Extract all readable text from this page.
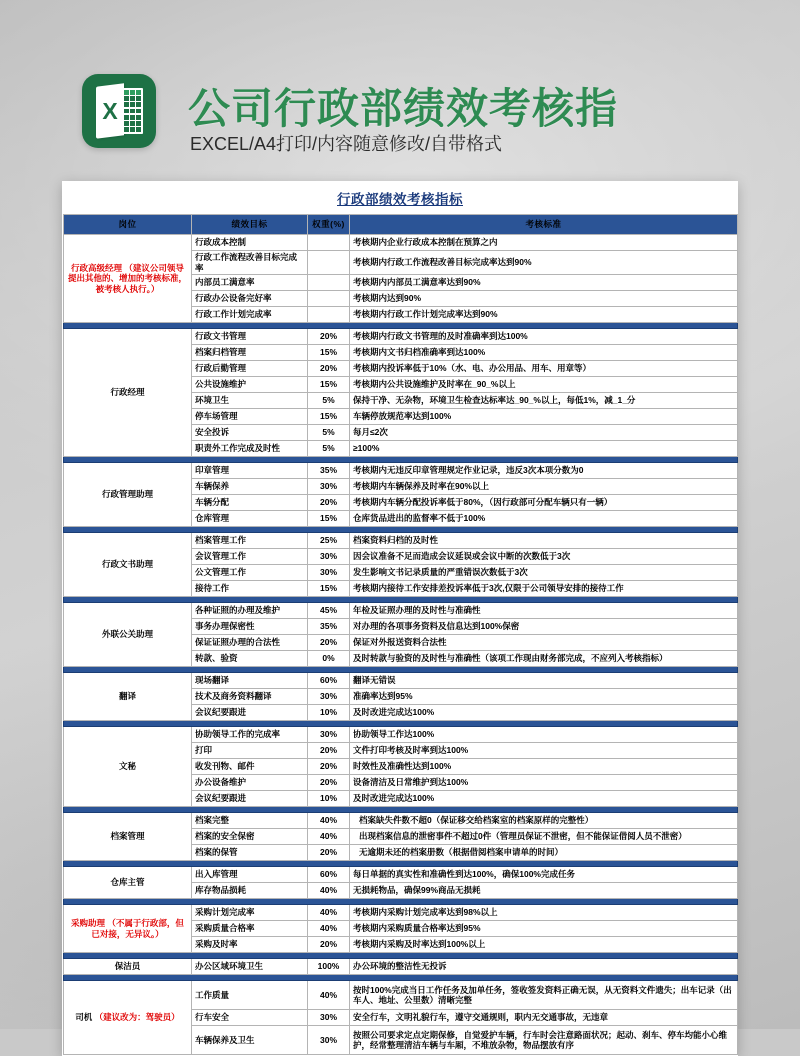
X 公司行政部绩效考核指
EXCEL/A4打印/内容随意修改/自带格式
行政部绩效考核指标
岗位	绩效目标	权重(%)	考核标准
行政高级经理 （建议公司领导提出其他的、增加的考核标准，被考核人执行。）	行政成本控制		考核期内企业行政成本控制在预算之内
	行政工作流程改善目标完成率		考核期内行政工作流程改善目标完成率达到90%
	内部员工满意率		考核期内内部员工满意率达到90%
	行政办公设备完好率		考核期内达到90%
	行政工作计划完成率		考核期内行政工作计划完成率达到90%

行政经理	行政文书管理	20%	考核期内行政文书管理的及时准确率到达100%
	档案归档管理	15%	考核期内文书归档准确率到达100%
	行政后勤管理	20%	考核期内投诉率低于10%（水、电、办公用品、用车、用章等）
	公共设施维护	15%	考核期内公共设施维护及时率在_90_%以上
	环境卫生	5%	保持干净、无杂物，环境卫生检查达标率达_90_%以上，每低1%，减_1_分
	停车场管理	15%	车辆停放规范率达到100%
	安全投诉	5%	每月≤2次
	职责外工作完成及时性	5%	≥100%

行政管理助理	印章管理	35%	考核期内无违反印章管理规定作业记录，违反3次本项分数为0
	车辆保养	30%	考核期内车辆保养及时率在90%以上
	车辆分配	20%	考核期内车辆分配投诉率低于80%，（因行政部可分配车辆只有一辆）
	仓库管理	15%	仓库货品进出的监督率不低于100%

行政文书助理	档案管理工作	25%	档案资料归档的及时性
	会议管理工作	30%	因会议准备不足而造成会议延误或会议中断的次数低于3次
	公文管理工作	30%	发生影响文书记录质量的严重错误次数低于3次
	接待工作	15%	考核期内接待工作安排差投诉率低于3次,仅限于公司领导安排的接待工作

外联公关助理	各种证照的办理及维护	45%	年检及证照办理的及时性与准确性
	事务办理保密性	35%	对办理的各项事务资料及信息达到100%保密
	保证证照办理的合法性	20%	保证对外报送资料合法性
	转款、验资	0%	及时转款与验资的及时性与准确性（该项工作现由财务部完成，不应列入考核指标）

翻译	现场翻译	60%	翻译无错误
	技术及商务资料翻译	30%	准确率达到95%
	会议纪要跟进	10%	及时改进完成达100%

文秘	协助领导工作的完成率	30%	协助领导工作达100%
	打印	20%	文件打印考核及时率到达100%
	收发刊物、邮件	20%	时效性及准确性达到100%
	办公设备维护	20%	设备清洁及日常维护到达100%
	会议纪要跟进	10%	及时改进完成达100%

档案管理	档案完整	40%	档案缺失件数不超0（保证移交给档案室的档案原样的完整性）
	档案的安全保密	40%	出现档案信息的泄密事件不超过0件（管理员保证不泄密，但不能保证借阅人员不泄密）
	档案的保管	20%	无逾期未还的档案册数（根据借阅档案申请单的时间）

仓库主管	出入库管理	60%	每日单据的真实性和准确性到达100%，确保100%完成任务
	库存物品损耗	40%	无损耗物品，确保99%商品无损耗

采购助理 （不属于行政部，但已对接，无异议。）	采购计划完成率	40%	考核期内采购计划完成率达到98%以上
	采购质量合格率	40%	考核期内采购质量合格率达到95%
	采购及时率	20%	考核期内采购及时率达到100%以上

保洁员	办公区域环境卫生	100%	办公环境的整洁性无投诉

司机 （建议改为：驾驶员）	工作质量	40%	按时100%完成当日工作任务及加单任务，签收签发资料正确无误，从无资料文件遗失；出车记录（出车人、地址、公里数）清晰完整
	行车安全	30%	安全行车，文明礼貌行车，遵守交通规则，职内无交通事故，无违章
	车辆保养及卫生	30%	按照公司要求定点定期保修，自觉爱护车辆，行车时会注意路面状况；起动、刹车、停车均能小心维护，经常整理清洁车辆与车厢，不堆放杂物，物品摆放有序
